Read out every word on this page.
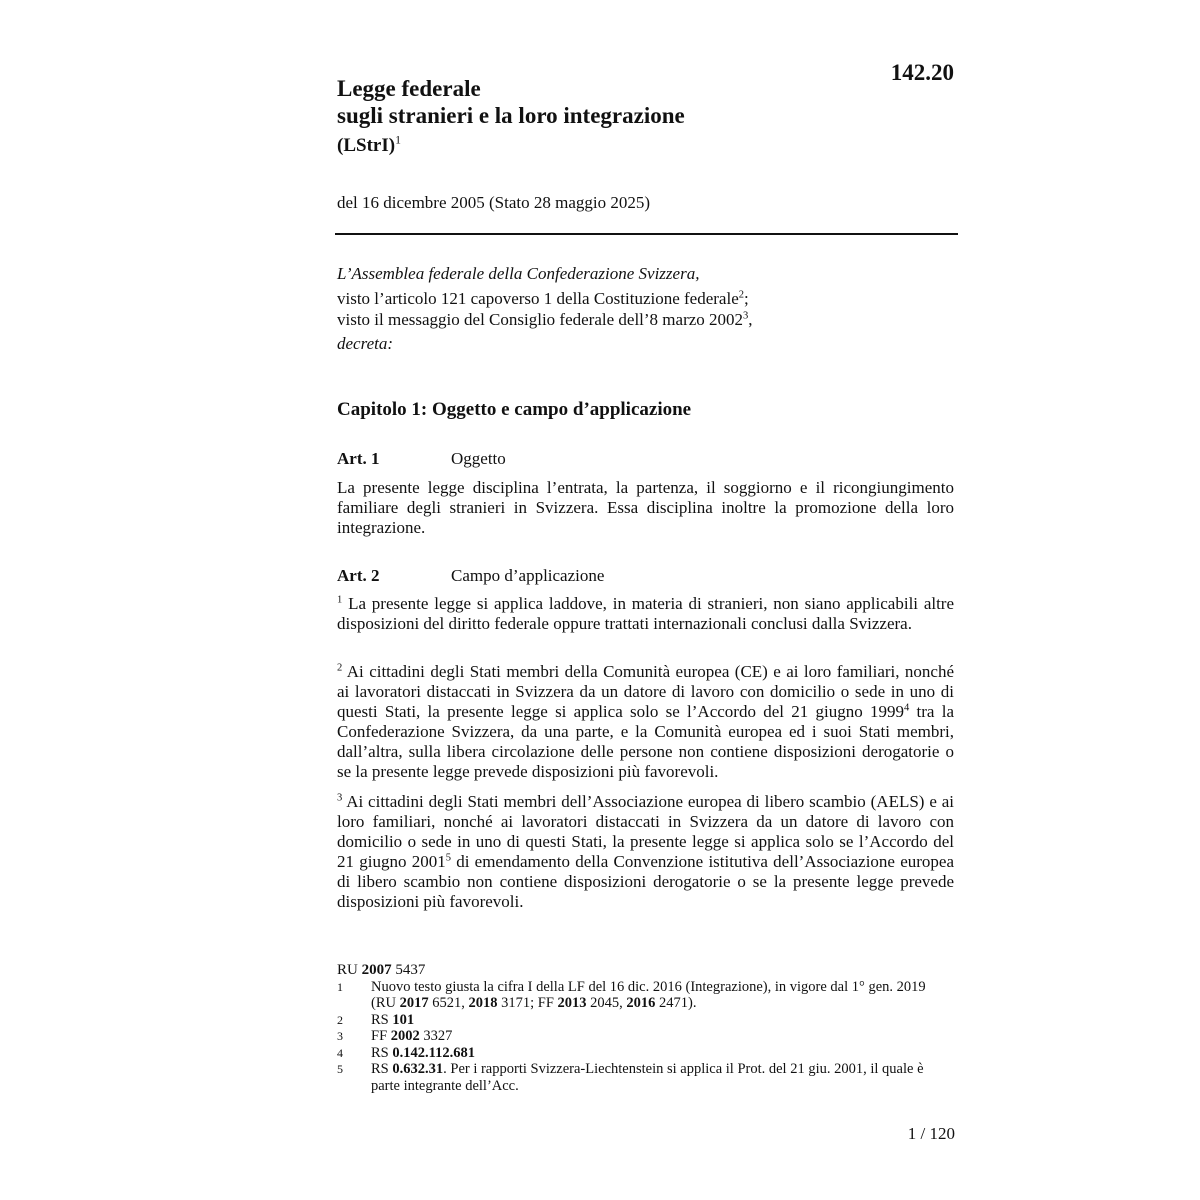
142.20
Legge federale
sugli stranieri e la loro integrazione
(LStrI)$^1$
del 16 dicembre 2005 (Stato 28 maggio 2025)
L’Assemblea federale della Confederazione Svizzera,
visto l’articolo 121 capoverso 1 della Costituzione federale$^2$;
visto il messaggio del Consiglio federale dell’8 marzo 2002$^3$,
decreta:
Capitolo 1: Oggetto e campo d’applicazione
Art. 1	Oggetto
La presente legge disciplina l’entrata, la partenza, il soggiorno e il ricongiungimento familiare degli stranieri in Svizzera. Essa disciplina inoltre la promozione della loro integrazione.
Art. 2	Campo d’applicazione
$^1$ La presente legge si applica laddove, in materia di stranieri, non siano applicabili altre disposizioni del diritto federale oppure trattati internazionali conclusi dalla Svizzera.
$^2$ Ai cittadini degli Stati membri della Comunità europea (CE) e ai loro familiari, nonché ai lavoratori distaccati in Svizzera da un datore di lavoro con domicilio o sede in uno di questi Stati, la presente legge si applica solo se l’Accordo del 21 giugno 1999$^4$ tra la Confederazione Svizzera, da una parte, e la Comunità europea ed i suoi Stati membri, dall’altra, sulla libera circolazione delle persone non contiene disposizioni derogatorie o se la presente legge prevede disposizioni più favorevoli.
$^3$ Ai cittadini degli Stati membri dell’Associazione europea di libero scambio (AELS) e ai loro familiari, nonché ai lavoratori distaccati in Svizzera da un datore di lavoro con domicilio o sede in uno di questi Stati, la presente legge si applica solo se l’Accordo del 21 giugno 2001$^5$ di emendamento della Convenzione istitutiva dell’Associazione europea di libero scambio non contiene disposizioni derogatorie o se la presente legge prevede disposizioni più favorevoli.
RU 2007 5437
1	Nuovo testo giusta la cifra I della LF del 16 dic. 2016 (Integrazione), in vigore dal 1° gen. 2019 (RU 2017 6521, 2018 3171; FF 2013 2045, 2016 2471).
2	RS 101
3	FF 2002 3327
4	RS 0.142.112.681
5	RS 0.632.31. Per i rapporti Svizzera-Liechtenstein si applica il Prot. del 21 giu. 2001, il quale è parte integrante dell’Acc.
1 / 120
